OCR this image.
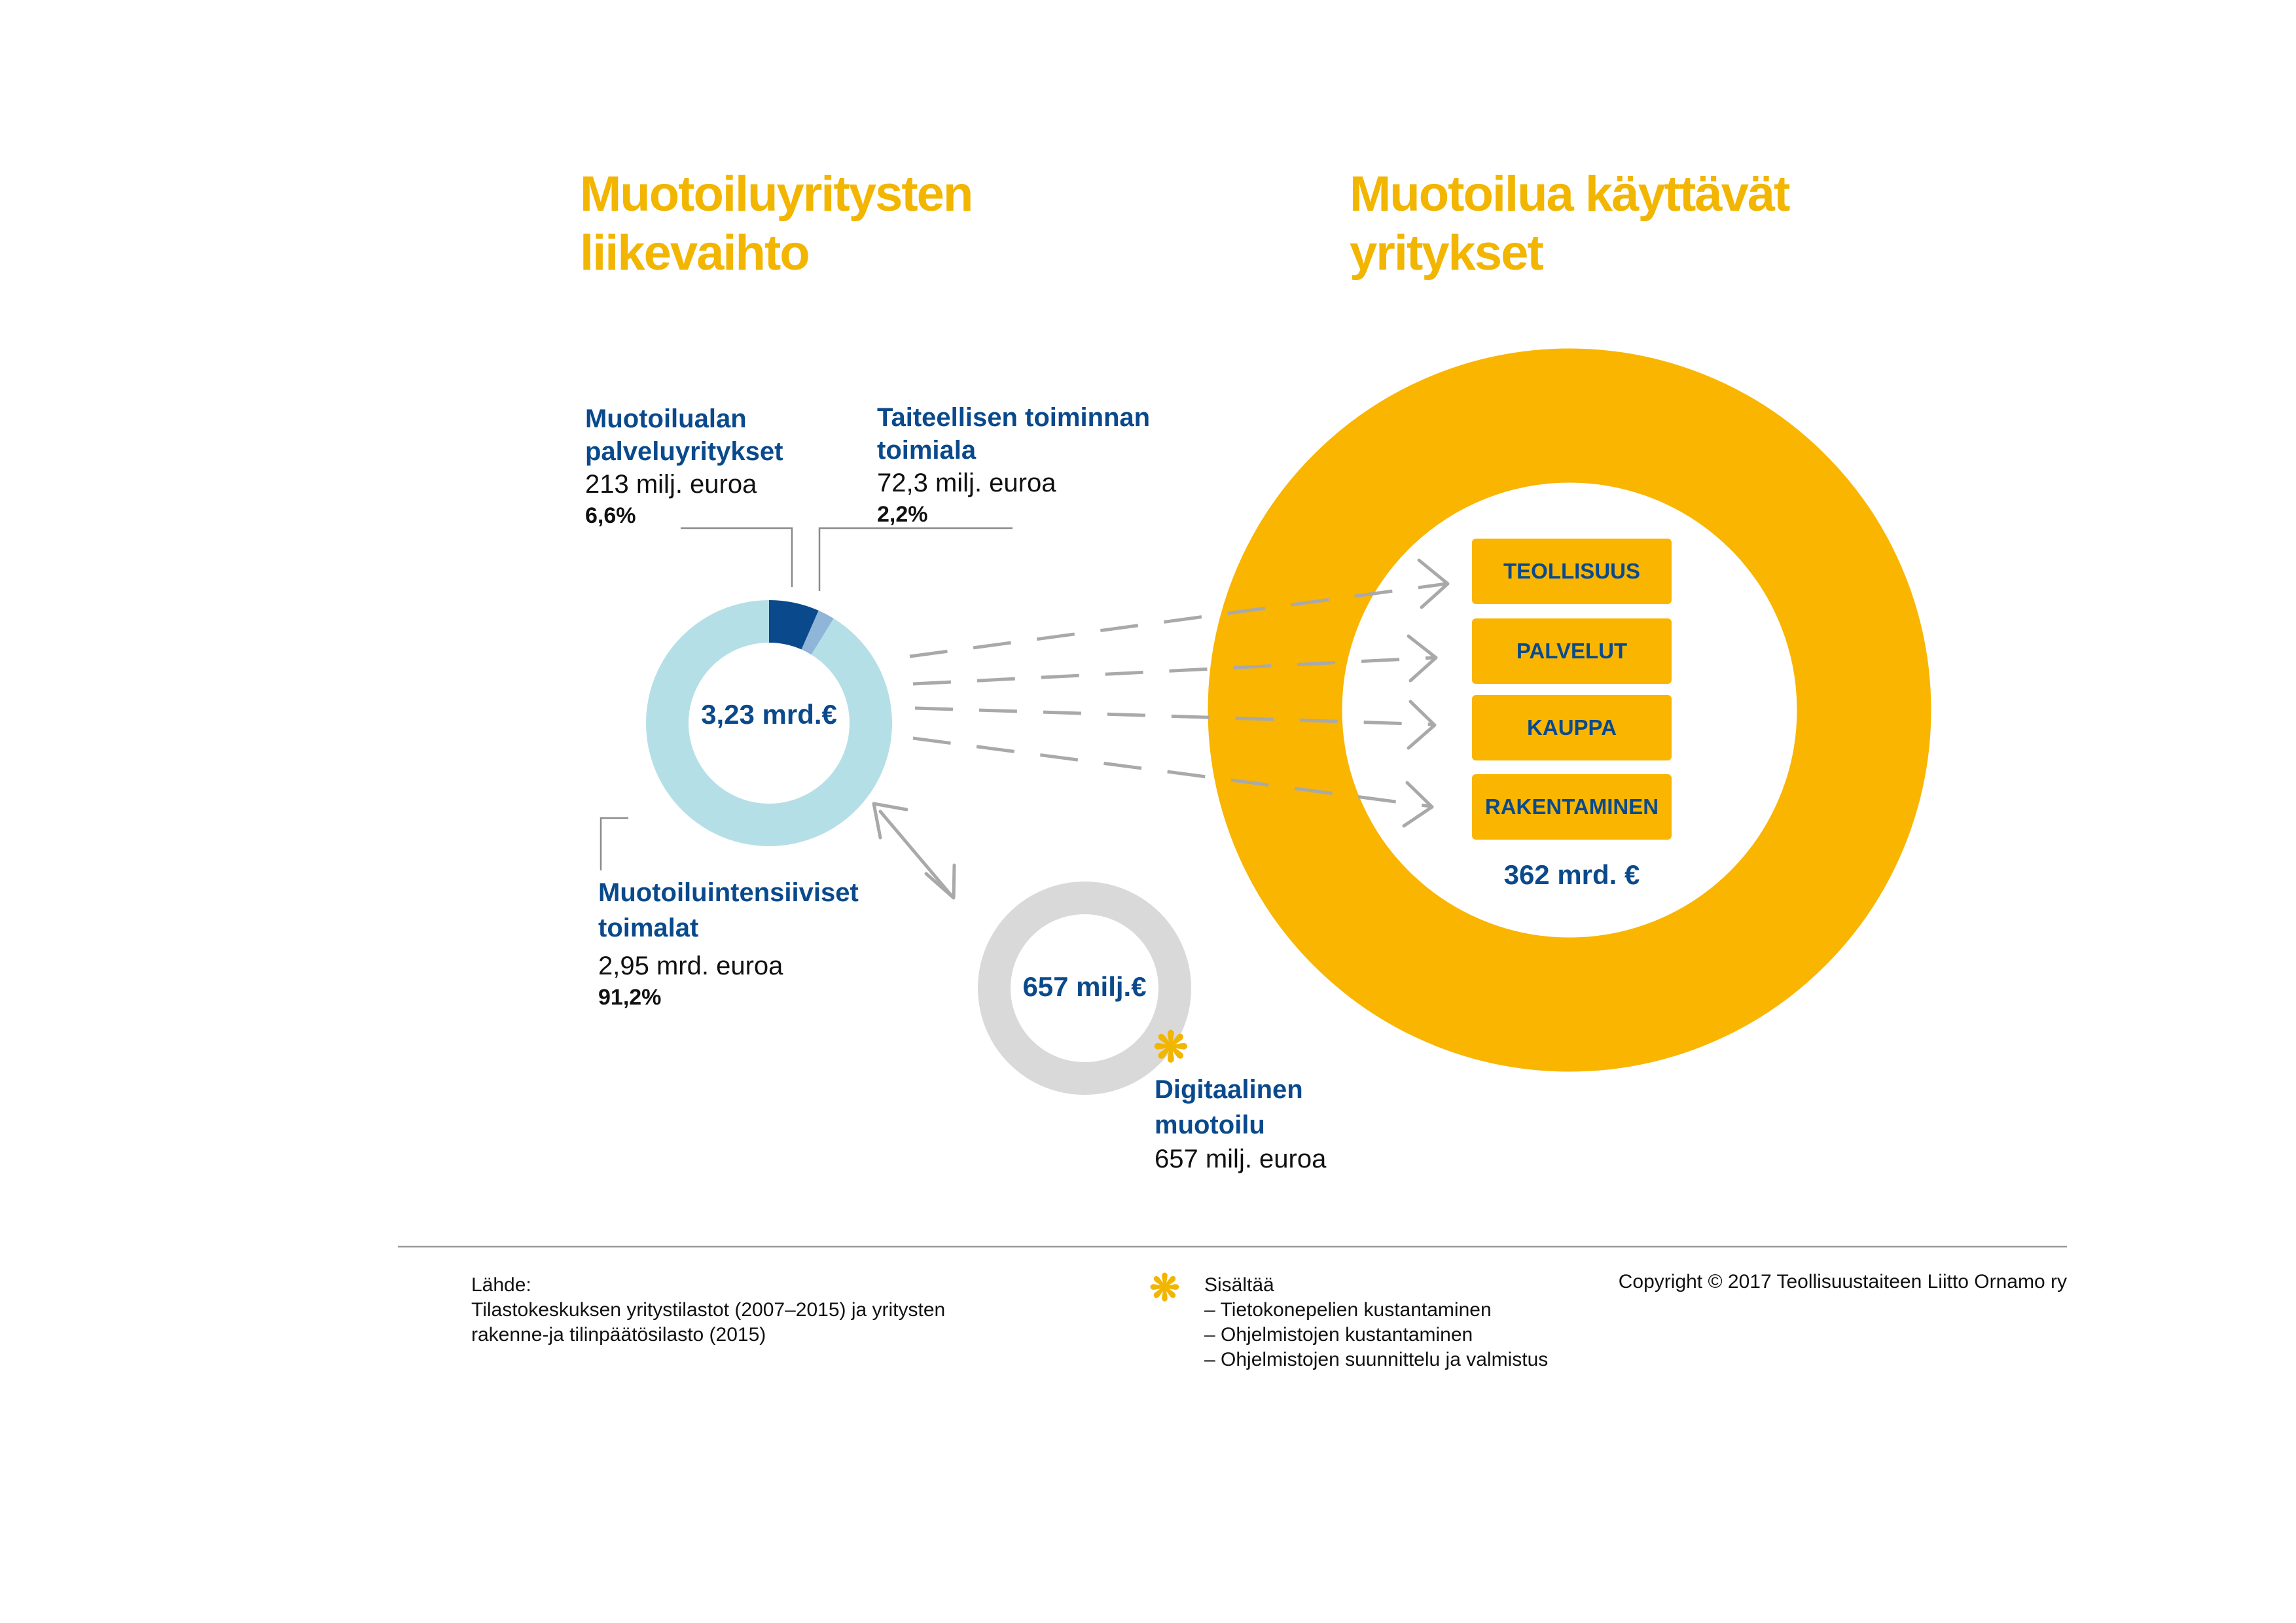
Muotoiluyritysten
liikevaihto
Muotoilua käyttävät
yritykset
3,23 mrd.€
Muotoilualan
palveluyritykset
213 milj. euroa
6,6%
Taiteellisen toiminnan
toimiala
72,3 milj. euroa
2,2%
Muotoiluintensiiviset
toimalat
2,95 mrd. euroa
91,2%	657 milj.€
❋
Digitaalinen
muotoilu
657 milj. euroa
TEOLLISUUS
PALVELUT
KAUPPA
RAKENTAMINEN
362 mrd. €
Lähde:
Tilastokeskuksen yritystilastot (2007–2015) ja yritysten
rakenne-ja tilinpäätösilasto (2015)
❋ Sisältää
– Tietokonepelien kustantaminen
– Ohjelmistojen kustantaminen
– Ohjelmistojen suunnittelu ja valmistus
Copyright © 2017 Teollisuustaiteen Liitto Ornamo ry
